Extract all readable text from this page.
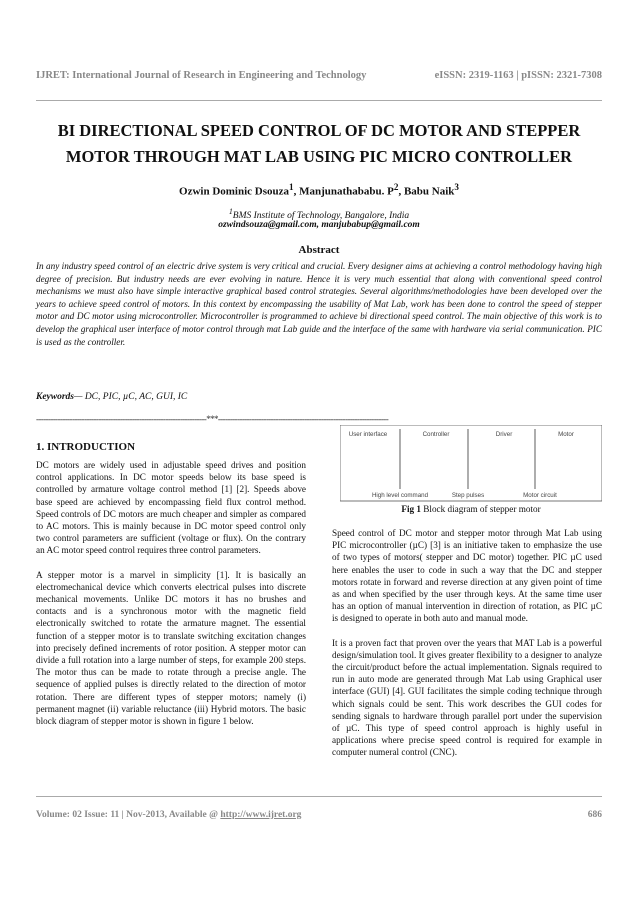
IJRET: International Journal of Research in Engineering and Technology	eISSN: 2319-1163 | pISSN: 2321-7308
BI DIRECTIONAL SPEED CONTROL OF DC MOTOR AND STEPPER
MOTOR THROUGH MAT LAB USING PIC MICRO CONTROLLER
Ozwin Dominic Dsouza$^1$, Manjunathababu. $P^2$, Babu Naik$^3$
$^1$BMS Institute of Technology, Bangalore, India
ozwindsouza@gmail.com, manjubabup@gmail.com
Abstract

In any industry speed control of an electric drive system is very critical and crucial. Every designer aims at achieving a control methodology having high degree of precision. But industry needs are ever evolving in nature. Hence it is very much essential that along with conventional speed control mechanisms we must also have simple interactive graphical based control strategies. Several algorithms/methodologies have been developed over the years to achieve speed control of motors. In this context by encompassing the usability of Mat Lab, work has been done to control the speed of stepper motor and DC motor using microcontroller. Microcontroller is programmed to achieve bi directional speed control. The main objective of this work is to develop the graphical user interface of motor control through mat Lab guide and the interface of the same with hardware via serial communication. PIC is used as the controller.

Keywords— DC, PIC, µC, AC, GUI, IC
-----------------------------------------------------------------------***-----------------------------------------------------------------------
1. INTRODUCTION

DC motors are widely used in adjustable speed drives and position control applications. In DC motor speeds below its base speed is controlled by armature voltage control method [1] [2]. Speeds above base speed are achieved by encompassing field flux control method. Speed controls of DC motors are much cheaper and simpler as compared to AC motors. This is mainly because in DC motor speed control only two control parameters are sufficient (voltage or flux). On the contrary an AC motor speed control requires three control parameters.

A stepper motor is a marvel in simplicity [1]. It is basically an electromechanical device which converts electrical pulses into discrete mechanical movements. Unlike DC motors it has no brushes and contacts and is a synchronous motor with the magnetic field electronically switched to rotate the armature magnet. The essential function of a stepper motor is to translate switching excitation changes into precisely defined increments of rotor position. A stepper motor can divide a full rotation into a large number of steps, for example 200 steps. The motor thus can be made to rotate through a precise angle. The sequence of applied pulses is directly related to the direction of motor rotation. There are different types of stepper motors; namely (i) permanent magnet (ii) variable reluctance (iii) Hybrid motors. The basic block diagram of stepper motor is shown in figure 1 below.

User interface	Controller	Driver	Motor
High level command	Step pulses	Motor circuit
Fig 1 Block diagram of stepper motor

Speed control of DC motor and stepper motor through Mat Lab using PIC microcontroller (µC) [3] is an initiative taken to emphasize the use of two types of motors( stepper and DC motor) together. PIC µC used here enables the user to code in such a way that the DC and stepper motors rotate in forward and reverse direction at any given point of time as and when specified by the user through keys. At the same time user has an option of manual intervention in direction of rotation, as PIC µC is designed to operate in both auto and manual mode.

It is a proven fact that proven over the years that MAT Lab is a powerful design/simulation tool. It gives greater flexibility to a designer to analyze the circuit/product before the actual implementation. Signals required to run in auto mode are generated through Mat Lab using Graphical user interface (GUI) [4]. GUI facilitates the simple coding technique through which signals could be sent. This work describes the GUI codes for sending signals to hardware through parallel port under the supervision of µC. This type of speed control approach is highly useful in applications where precise speed control is required for example in computer numeral control (CNC).

Volume: 02 Issue: 11 | Nov-2013, Available @ http://www.ijret.org	686
